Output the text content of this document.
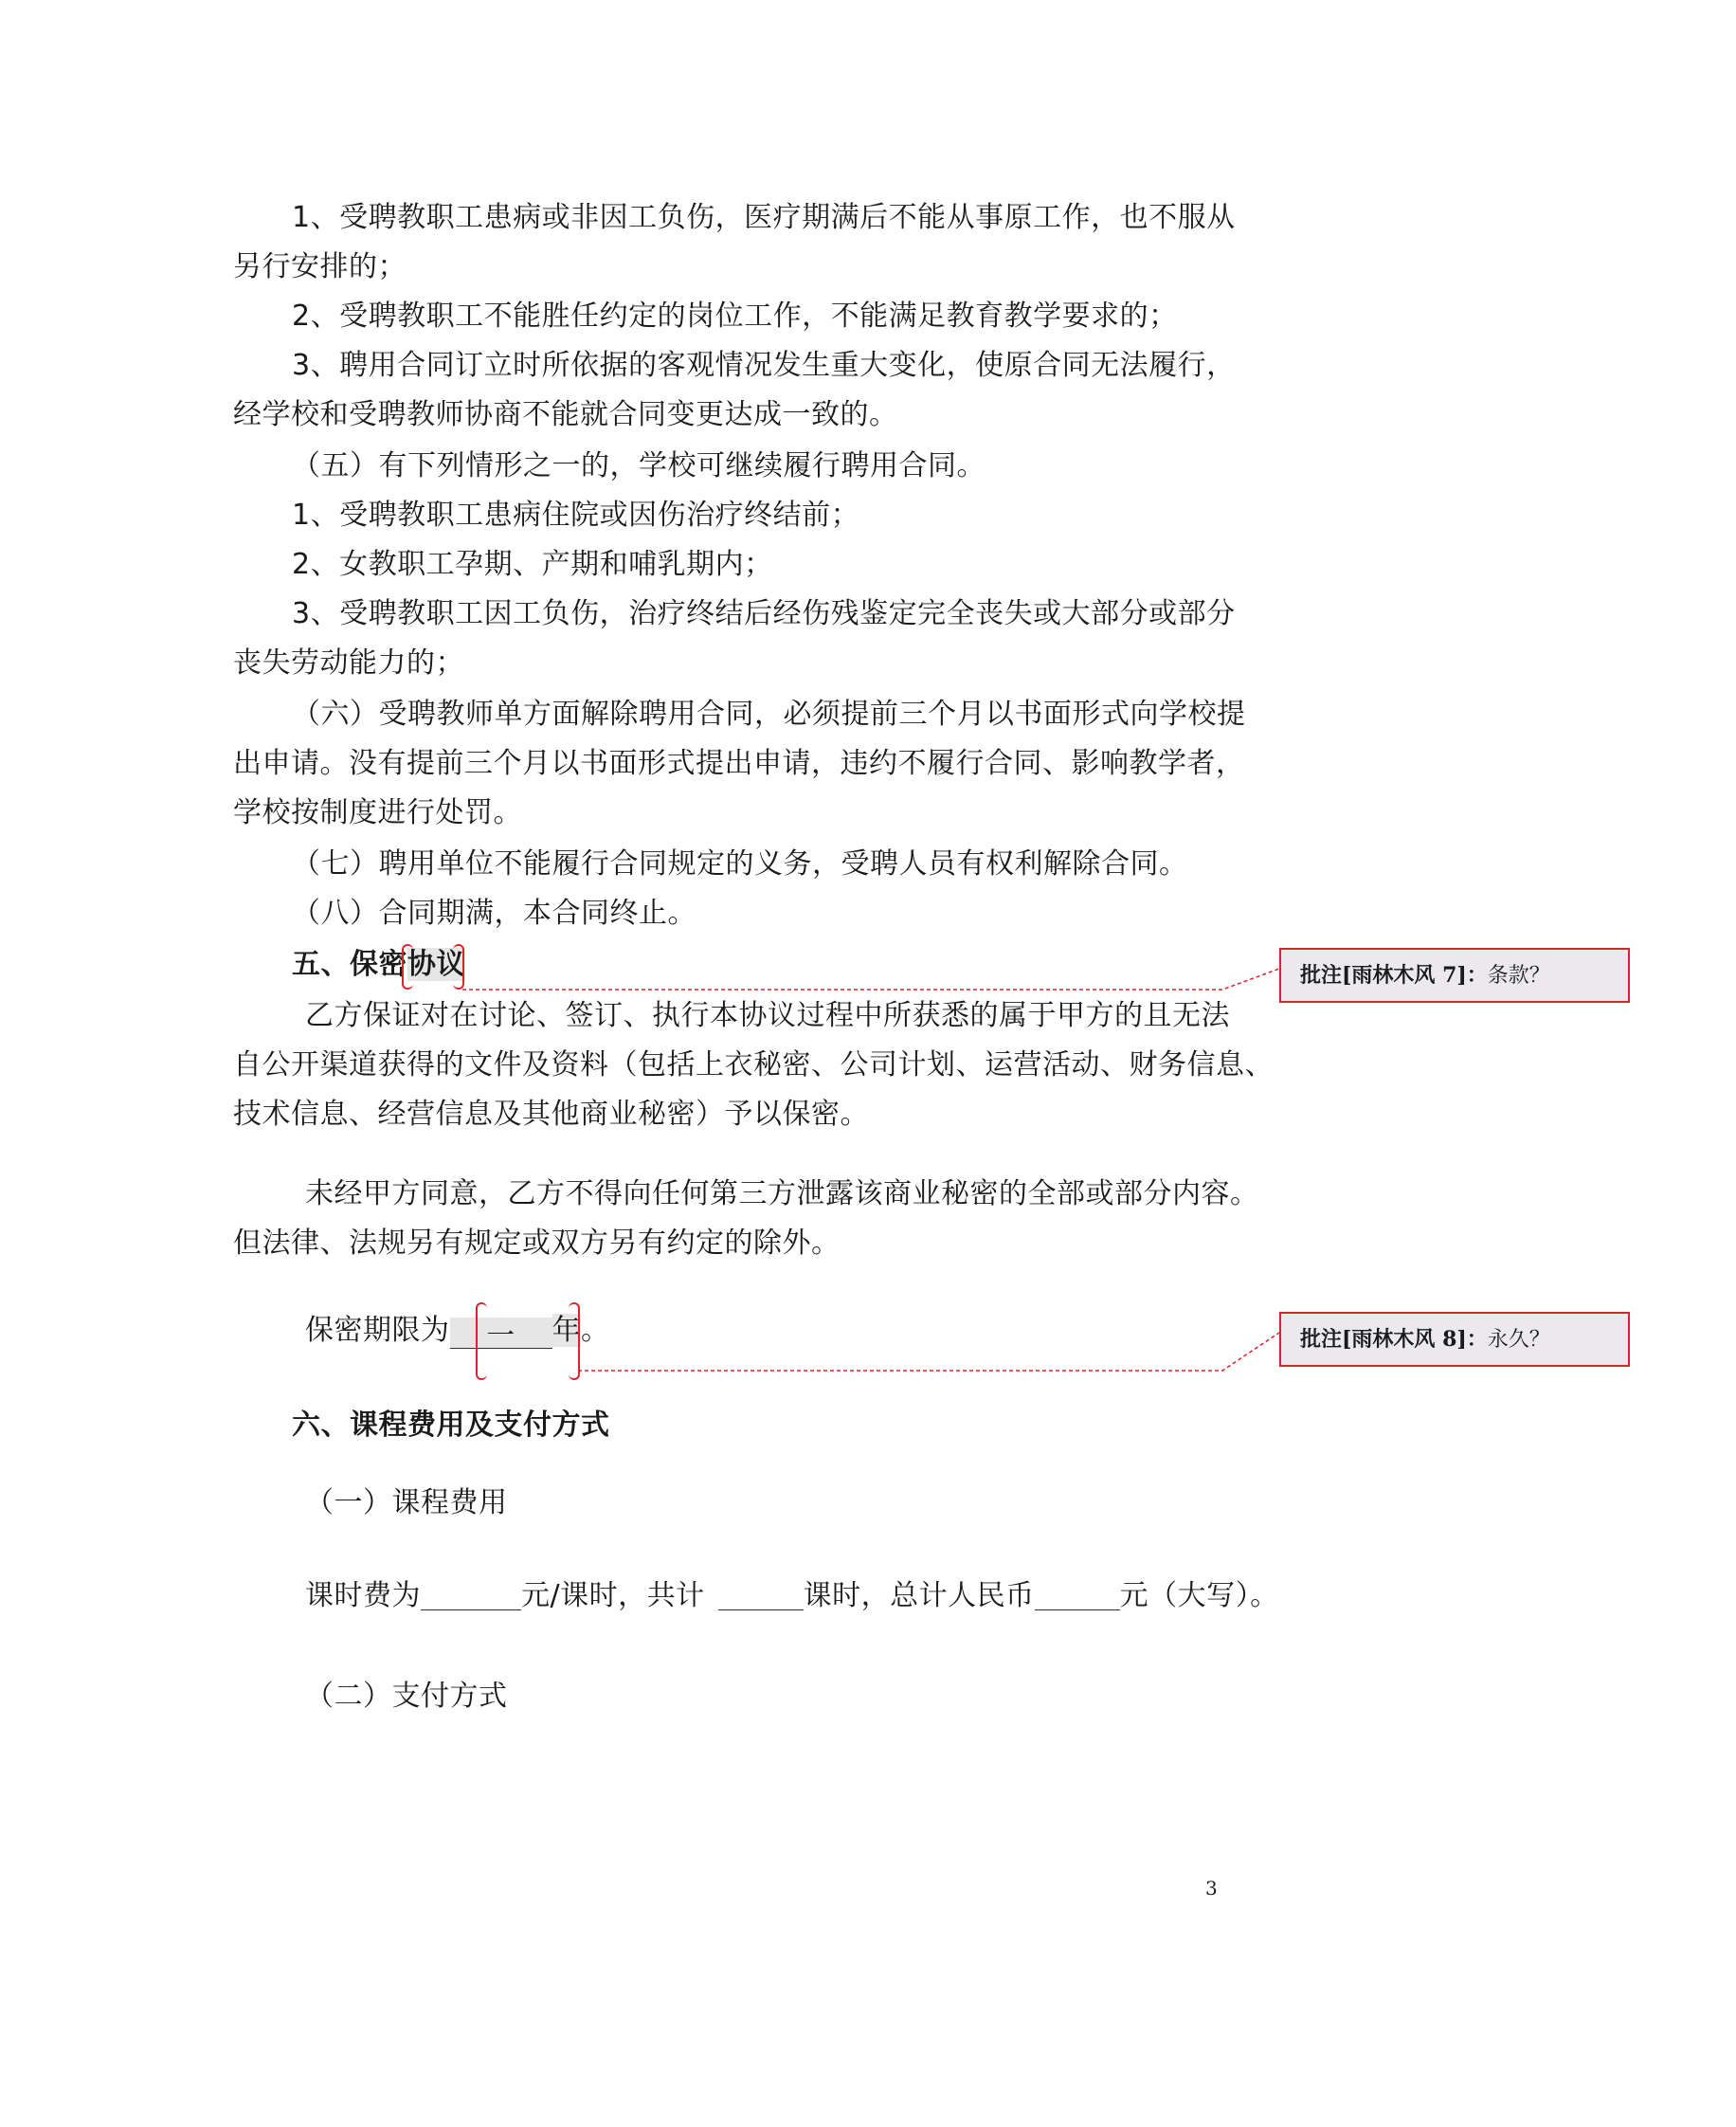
1、受聘教职工患病或非因工负伤，医疗期满后不能从事原工作，也不服从
另行安排的；
2、受聘教职工不能胜任约定的岗位工作，不能满足教育教学要求的；
3、聘用合同订立时所依据的客观情况发生重大变化，使原合同无法履行，
经学校和受聘教师协商不能就合同变更达成一致的。
（五）有下列情形之一的，学校可继续履行聘用合同。
1、受聘教职工患病住院或因伤治疗终结前；
2、女教职工孕期、产期和哺乳期内；
3、受聘教职工因工负伤，治疗终结后经伤残鉴定完全丧失或大部分或部分
丧失劳动能力的；
（六）受聘教师单方面解除聘用合同，必须提前三个月以书面形式向学校提
出申请。没有提前三个月以书面形式提出申请，违约不履行合同、影响教学者，
学校按制度进行处罚。
（七）聘用单位不能履行合同规定的义务，受聘人员有权利解除合同。
（八）合同期满，本合同终止。
五、保密协议
乙方保证对在讨论、签订、执行本协议过程中所获悉的属于甲方的且无法
自公开渠道获得的文件及资料（包括上衣秘密、公司计划、运营活动、财务信息、
技术信息、经营信息及其他商业秘密）予以保密。
未经甲方同意，乙方不得向任何第三方泄露该商业秘密的全部或部分内容。
但法律、法规另有规定或双方另有约定的除外。
保密期限为 一 年。
六、课程费用及支付方式
（一）课程费用
课时费为	元/课时，共计	课时，总计人民币	元（大写）。
（二）支付方式
批注[雨林木风 7]：条款？
批注[雨林木风 8]：永久？
3
